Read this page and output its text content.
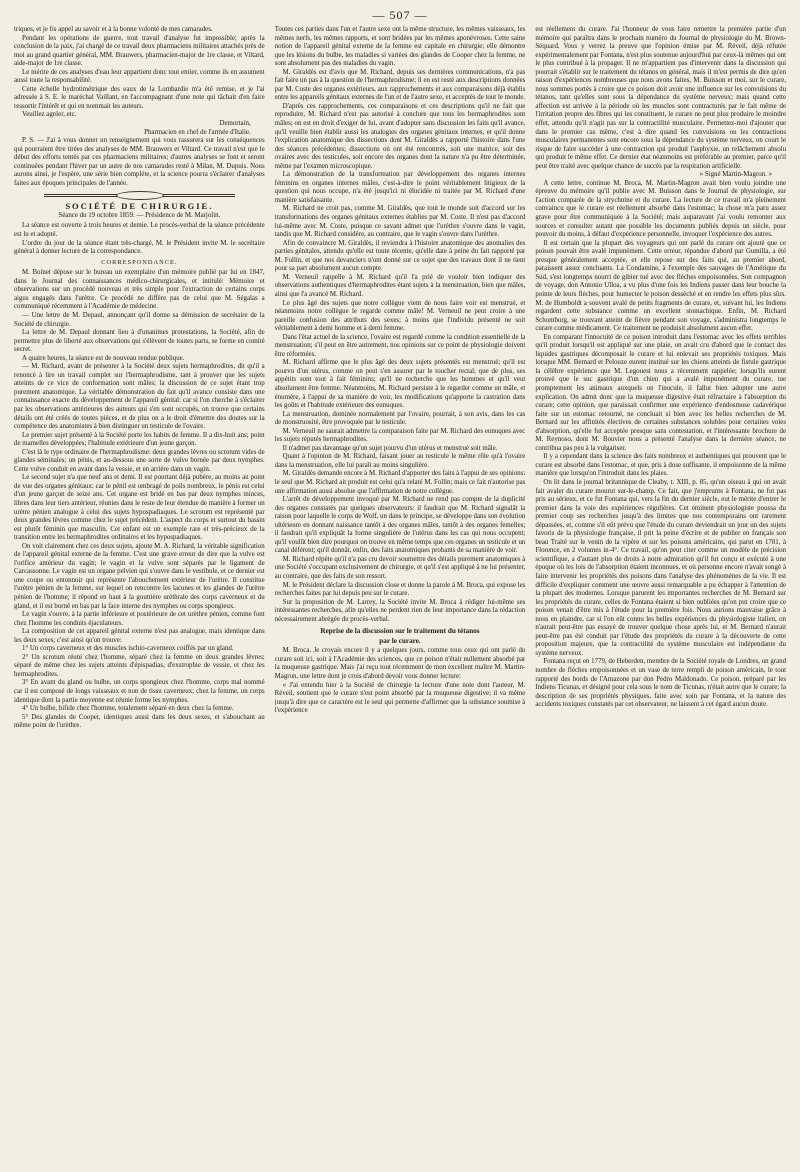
— 507 —

triques, et je fis appel au savoir et à la bonne volonté de mes camarades.

Pendant les opérations de guerre, tout travail d'analyse fut impossible; après la conclusion de la paix, j'ai chargé de ce travail deux pharmaciens militaires attachés près de moi au grand quartier général, MM. Brauwers, pharmacien-major de 1re classe, et Viltard, aide-major de 1re classe.

Le mérite de ces analyses d'eau leur appartient donc tout entier, comme ils en assument aussi toute la responsabilité.

Cette échelle hydrotimétrique des eaux de la Lombardie m'a été remise, et je l'ai adressée à S. E. le maréchal Vaillant, en l'accompagnant d'une note qui tâchait d'en faire ressortir l'intérêt et qui en nommait les auteurs.

Veuillez agréer, etc.

Demortain,

Pharmacien en chef de l'armée d'Italie.

P. S. — J'ai à vous donner un renseignement qui vous rassurera sur les conséquences qui pourraient être tirées des analyses de MM. Brauwers et Viltard. Ce travail n'est que le début des efforts tentés par ces pharmaciens militaires; d'autres analyses se font et seront continuées pendant l'hiver par un autre de nos camarades resté à Milan, M. Dupuis. Nous aurons ainsi, je l'espère, une série bien complète, et la science pourra s'éclairer d'analyses faites aux époques principales de l'année.

SOCIÉTÉ DE CHIRURGIE.
Séance du 19 octobre 1859. — Présidence de M. Marjolin.

La séance est ouverte à trois heures et demie. Le procès-verbal de la séance précédente est lu et adopté.

L'ordre du jour de la séance étant très-chargé, M. le Président invite M. le secrétaire général à donner lecture de la correspondance.

CORRESPONDANCE.

M. Boinet dépose sur le bureau un exemplaire d'un mémoire publié par lui en 1847, dans le Journal des connaissances médico-chirurgicales, et intitulé: Mémoire et observations sur un procédé nouveau et très simple pour l'extraction de certains corps aigus engagés dans l'urètre. Ce procédé ne diffère pas de celui que M. Ségalas a communiqué récemment à l'Académie de médecine.

— Une lettre de M. Depaul, annonçant qu'il donne sa démission de secrétaire de la Société de chirurgie.

La lettre de M. Depaul donnant lieu à d'unanimes protestations, la Société, afin de permettre plus de liberté aux observations qui s'élèvent de toutes parts, se forme en comité secret.

A quatre heures, la séance est de nouveau rendue publique.

— M. Richard, avant de présenter à la Société deux sujets hermaphrodites, dit qu'il a renoncé à lire un travail complet sur l'hermaphrodisme, tant à prouver que les sujets atteints de ce vice de conformation sont mâles; la discussion de ce sujet étant trop purement anatomique. La véritable démonstration du fait qu'il avance consiste dans une connaissance exacte du développement de l'appareil génital: car si l'on cherche à s'éclairer par les observations antérieures des auteurs qui s'en sont occupés, on trouve que certains détails ont été créés de toutes pièces, et de plus on a le droit d'émettre des doutes sur la compétence des anatomistes à bien distinguer un testicule de l'ovaire.

Le premier sujet présenté à la Société porte les habits de femme. Il a dix-huit ans; point de mamelles développées; l'habitude extérieure d'un jeune garçon.

C'est là le type ordinaire de l'hermaphrodisme: deux grandes lèvres ou scrotum vides de glandes séminales; un pénis, et au-dessous une sorte de vulve bornée par deux nymphes. Cette vulve conduit en avant dans la vessie, et en arrière dans un vagin.

Le second sujet n'a que neuf ans et demi. Il est pourtant déjà pubère, au moins au point de vue des organes génitaux: car le pénil est ombragé de poils nombreux, le pénis est celui d'un jeune garçon de seize ans. Cet organe est bridé en bas par deux nymphes minces, libres dans leur tiers antérieur, réunies dans le reste de leur étendue de manière à former un urètre pénien analogue à celui des sujets hypospadiaques. Le scrotum est représenté par deux grandes lèvres comme chez le sujet précédent. L'aspect du corps et surtout du bassin est plutôt féminin que masculin. Cet enfant est un exemple rare et très-précieux de la transition entre les hermaphrodites ordinaires et les hypospadiaques.

On voit clairement chez ces deux sujets, ajoute M. A. Richard, la véritable signification de l'appareil génital externe de la femme. C'est une grave erreur de dire que la vulve est l'orifice antérieur du vagin; le vagin et la vulve sont séparés par le ligament de Carcassonne. Le vagin est un organe pelvien qui s'ouvre dans le vestibule, et ce dernier est une coupe ou entonnoir qui représente l'abouchement extérieur de l'urètre. Il constitue l'urètre pénien de la femme, sur lequel on rencontre les lacunes et les glandes de l'urètre pénien de l'homme; il répond en haut à la gouttière uréthrale des corps caverneux et du gland, et il est borné en bas par la face interne des nymphes ou corps spongieux.

Le vagin s'ouvre, à la partie inférieure et postérieure de cet urèthre pénien, comme font chez l'homme les conduits éjaculateurs.

La composition de cet appareil génital externe n'est pas analogue, mais identique dans les deux sexes; c'est ainsi qu'on trouve:

1° Un corps caverneux et des muscles ischio-caverneux coiffés par un gland.

2° Un scrotum réuni chez l'homme, séparé chez la femme en deux grandes lèvres; séparé de même chez les sujets atteints d'épispadias, d'exstrophie de vessie, et chez les hermaphrodites.

3° En avant du gland ou bulbe, un corps spongieux chez l'homme, corps mal nommé car il est composé de longs vaisseaux et non de tissu caverneux; chez la femme, un corps identique dont la partie moyenne est réunie forme les nymphes.

4° Un bulbe, bifide chez l'homme, totalement séparé en deux chez la femme.

5° Des glandes de Cooper, identiques aussi dans les deux sexes, et s'abouchant au même point de l'urèthre.

Toutes ces parties dans l'un et l'autre sexe ont la même structure, les mêmes vaisseaux, les mêmes nerfs, les mêmes rapports, et sont bridées par les mêmes aponévroses. Cette saine notion de l'appareil génital externe de la femme est capitale en chirurgie; elle démontre que les lésions du bulbe, les maladies si variées des glandes de Cooper chez la femme, ne sont absolument pas des maladies du vagin.

M. Giraldès est d'avis que M. Richard, depuis ses dernières communications, n'a pas fait faire un pas à la question de l'hermaphrodisme; il en est resté aux descriptions données par M. Coste des organes extérieurs, aux rapprochements et aux comparaisons déjà établis entre les appareils génitaux externes de l'un et de l'autre sexe, et acceptés de tout le monde.

D'après ces rapprochements, ces comparaisons et ces descriptions qu'il ne fait que reproduire, M. Richard n'est pas autorisé à conclure que tous les hermaphrodites sont mâles; on est en droit d'exiger de lui, avant d'adopter sans discussion les faits qu'il avance, qu'il veuille bien établir aussi les analogies des organes génitaux internes, et qu'il donne l'explication anatomique des dissections dont M. Giraldès a rapporté l'histoire dans l'une des séances précédentes; dissections où ont été rencontrés, soit une matrice, soit des ovaires avec des testicules, soit encore des organes dont la nature n'a pu être déterminée, même par l'examen microscopique.

La démonstration de la transformation par développement des organes internes féminins en organes internes mâles, c'est-à-dire le point véritablement litigieux de la question qui nous occupe, n'a été jusqu'ici ni élucidée ni traitée par M. Richard d'une manière satisfaisante.

M. Richard ne croit pas, comme M. Giraldès, que tout le monde soit d'accord sur les transformations des organes génitaux externes établies par M. Coste. Il n'est pas d'accord lui-même avec M. Coste, puisque ce savant admet que l'urèthre s'ouvre dans le vagin, tandis que M. Richard considère, au contraire, que le vagin s'ouvre dans l'urèthre.

Afin de convaincre M. Giraldès, il reviendra à l'histoire anatomique des anomalies des parties génitales, attendu qu'elle est toute récente, qu'elle date à peine du fait rapporté par M. Follin, et que nos devanciers n'ont donné sur ce sujet que des travaux dont il ne tient pour sa part absolument aucun compte.

M. Verneuil rappelle à M. Richard qu'il l'a prié de vouloir bien indiquer des observations authentiques d'hermaphrodites étant sujets à la menstruation, bien que mâles, ainsi que l'a avancé M. Richard.

Le plus âgé des sujets que notre collègue vient de nous faire voir est menstrué, et néanmoins notre collègue le regarde comme mâle! M. Verneuil ne peut croire à une pareille confusion des attributs des sexes; à moins que l'individu présenté ne soit véritablement à demi homme et à demi femme.

Dans l'état actuel de la science, l'ovaire est regardé comme la condition essentielle de la menstruation; s'il peut en être autrement, nos opinions sur ce point de physiologie doivent être réformées.

M. Richard affirme que le plus âgé des deux sujets présentés est menstrué; qu'il est pourvu d'un utérus, comme on peut s'en assurer par le toucher rectal; que de plus, ses appétits sont tout à fait féminins; qu'il ne recherche que les hommes et qu'il veut absolument être femme. Néanmoins, M. Richard persiste à le regarder comme un mâle, et énumère, à l'appui de sa manière de voir, les modifications qu'apporte la castration dans les goûts et l'habitude extérieure des eunuques.

La menstruation, dominée normalement par l'ovaire, pourrait, à son avis, dans les cas de monstruosité, être provoquée par le testicule.

M. Verneuil ne saurait admettre la comparaison faite par M. Richard des eunuques avec les sujets réputés hermaphrodites.

Il n'admet pas davantage qu'un sujet pourvu d'un utérus et menstrué soit mâle.

Quant à l'opinion de M. Richard, faisant jouer au testicule le même rôle qu'à l'ovaire dans la menstruation, elle lui paraît au moins singulière.

M. Giraldès demande encore à M. Richard d'apporter des faits à l'appui de ses opinions: le seul que M. Richard ait produit est celui qu'a relaté M. Follin; mais ce fait n'autorise pas une affirmation aussi absolue que l'affirmation de notre collègue.

L'arrêt de développement invoqué par M. Richard ne rend pas compte de la duplicité des organes constatés par quelques observateurs: il faudrait que M. Richard signalât la raison pour laquelle le corps de Wolf, un dans le principe, se développe dans son évolution ultérieure en donnant naissance tantôt à des organes mâles, tantôt à des organes femelles; il faudrait qu'il expliquât la forme singulière de l'utérus dans les cas qui nous occupent; qu'il voulût bien dire pourquoi on trouve en même temps que ces organes un testicule et un canal déférent; qu'il donnât, enfin, des faits anatomiques probants de sa manière de voir.

M. Richard répète qu'il n'a pas cru devoir soumettre des détails purement anatomiques à une Société s'occupant exclusivement de chirurgie, et qu'il s'est appliqué à ne lui présenter, au contraire, que des faits de son ressort.

M. le Président déclare la discussion close et donne la parole à M. Broca, qui expose les recherches faites par lui depuis peu sur le curare.

Sur la proposition de M. Larrey, la Société invite M. Broca à rédiger lui-même ses intéressantes recherches, afin qu'elles ne perdent rien de leur importance dans la rédaction nécessairement abrégée du procès-verbal.

Reprise de la discussion sur le traitement du tétanos
par le curare.

M. Broca. Je croyais encore il y a quelques jours, comme tous ceux qui ont parlé du curare soit ici, soit à l'Académie des sciences, que ce poison n'était nullement absorbé par la muqueuse gastrique. Mais j'ai reçu tout récemment de mon excellent maître M. Martin-Magron, une lettre dont je crois d'abord devoir vous donner lecture:

« J'ai entendu hier à la Société de chirurgie la lecture d'une note dont l'auteur, M. Réveil, soutient que le curare n'est point absorbé par la muqueuse digestive; il va même jusqu'à dire que ce caractère est le seul qui permette d'affirmer que la substance soumise à l'expérience

est réellement du curare. J'ai l'honneur de vous faire remettre la première partie d'un mémoire qui paraîtra dans le prochain numéro du Journal de physiologie du M. Brown-Séquard. Vous y verrez la preuve que l'opinion émise par M. Réveil, déjà réfutée expérimentalement par Fontana, n'est plus soutenue aujourd'hui par ceux-là mêmes qui ont le plus contribué à la propager. Il ne m'appartient pas d'intervenir dans la discussion qui pourrait s'établir sur le traitement du tétanos en général, mais il m'est permis de dire qu'en raison d'expériences nombreuses que nous avons faites, M. Buisson et moi, sur le curare, nous sommes portés à croire que ce poison doit avoir une influence sur les convulsions du tétanos, tant qu'elles sont sous la dépendance du système nerveux; mais quand cette affection est arrivée à la période où les muscles sont contracturés par le fait même de l'irritation propre des fibres qui les constituent, le curare ne peut plus produire le moindre effet, attendu qu'il n'agit pas sur la contractilité musculaire. Permettez-moi d'ajouter que dans le premier cas même, c'est à dire quand les convulsions ou les contractions musculaires permanentes sont encore sous la dépendance du système nerveux, on court le risque de faire succéder à une contraction qui produit l'asphyxie, un relâchement absolu qui produit le même effet. Ce dernier état néanmoins est préférable au premier, parce qu'il peut être traité avec quelque chance de succès par la respiration artificielle.

» Signé Martin-Magron. »

A cette lettre, continue M. Broca, M. Martin-Magron avait bien voulu joindre une épreuve du mémoire qu'il publie avec M. Buisson dans le Journal de physiologie, sur l'action comparée de la strychnine et du curare. La lecture de ce travail m'a pleinement convaincu que le curare est réellement absorbé dans l'estomac; la chose m'a paru assez grave pour être communiquée à la Société; mais auparavant j'ai voulu remonter aux sources et consulter autant que possible les documents publiés depuis un siècle, pour pouvoir du moins, à défaut d'expérience personnelle, invoquer l'expérience des autres.

Il est certain que la plupart des voyageurs qui ont parlé du curare ont ajouté que ce poison pouvait être avalé impunément. Cette erreur, répandue d'abord par Gumilla, a été presque généralement acceptée, et elle repose sur des faits qui, au premier abord, paraissent assez concluants. La Condamine, à l'exemple des sauvages de l'Amérique du Sud, s'est longtemps nourri de gibier tué avec des flèches empoisonnées. Son compagnon de voyage, don Antonio Ulloa, a vu plus d'une fois les Indiens passer dans leur bouche la pointe de leurs flèches, pour humecter le poison desséché et en rendre les effets plus sûrs. M. de Humboldt a souvent avalé de petits fragments de curare, et, suivant lui, les Indiens regardent cette substance comme un excellent stomachique. Enfin, M. Richard Schomburg, se trouvant atteint de fièvre pendant son voyage, s'administra longtemps le curare comme médicament. Ce traitement ne produisit absolument aucun effet.

En comparant l'innocuité de ce poison introduit dans l'estomac avec les effets terribles qu'il produit lorsqu'il est appliqué sur une plaie, on avait cru d'abord que le contact des liquides gastriques décomposait le curare et lui enlevait ses propriétés toxiques. Mais lorsque MM. Bernard et Pelouze eurent institué sur les chiens atteints de fistule gastrique la célèbre expérience que M. Legouest nous a récemment rappelée; lorsqu'ils eurent prouvé que le suc gastrique d'un chien qui a avalé impunément du curare, tue promptement les animaux auxquels on l'inocule, il fallut bien adopter une autre explication. On admit donc que la muqueuse digestive était réfractaire à l'absorption du curare; cette opinion, que paraissait confirmer une expérience d'endosmose cadavérique faite sur un estomac retourné, ne concluait si bien avec les belles recherches de M. Bernard sur les affinités électives de certaines substances solubles pour certaines voies d'absorption, qu'elle fut acceptée presque sans contestation, et l'intéressante brochure de M. Reynoso, dont M. Bouvier nous a présenté l'analyse dans la dernière séance, ne contribua pas peu à la vulgariser.

Il y a cependant dans la science des faits nombreux et authentiques qui prouvent que le curare est absorbé dans l'estomac, et que, pris à dose suffisante, il empoisonne de la même manière que lorsqu'on l'introduit dans les plaies.

On lit dans le journal britannique de Cleaby, t. XIII, p. 85, qu'un oiseau à qui on avait fait avaler du curare mourut sur-le-champ. Ce fait, que j'emprunte à Fontana, ne fut pas pris au sérieux, et ce fut Fontana qui, vers la fin du dernier siècle, eut le mérite d'entrer le premier dans la voie des expériences régulières. Cet éminent physiologiste poussa du premier coup ses recherches jusqu'à des limites que nos contemporains ont rarement dépassées, et, comme s'il eût prévu que l'étude du curare deviendrait un jour un des sujets favoris de la physiologie française, il prit la peine d'écrire et de publier en français son beau Traité sur le venin de la vipère et sur les poisons américains, qui parut en 1781, à Florence, en 2 volumes in-4°. Ce travail, qu'on peut citer comme un modèle de précision scientifique, a d'autant plus de droits à notre admiration qu'il fut conçu et exécuté à une époque où les lois de l'absorption étaient inconnues, et où personne encore n'avait songé à faire intervenir les propriétés des poisons dans l'analyse des phénomènes de la vie. Il est difficile d'expliquer comment une œuvre aussi remarquable a pu échapper à l'attention de la plupart des modernes. Lorsque parurent les importantes recherches de M. Bernard sur les propriétés du curare, celles de Fontana étaient si bien oubliées qu'on put croire que ce poison venait d'être mis à l'étude pour la première fois. Nous aurions mauvaise grâce à nous en plaindre, car si l'on eût connu les belles expériences du physiologiste italien, on n'aurait peut-être pas essayé de trouver quelque chose après lui, et M. Bernard n'aurait peut-être pas été conduit par l'étude des propriétés du curare à la découverte de cette proposition majeure, que la contractilité du système musculaire est indépendante du système nerveux.

Fontana reçut en 1779, de Heberden, membre de la Société royale de Londres, un grand nombre de flèches empoisonnées et un vase de terre rempli de poison américain, le tout rapporté des bords de l'Amazone par don Pedro Maldonado. Ce poison, préparé par les Indiens Ticunas, et désigné pour cela sous le nom de Ticunas, n'était autre que le curare; la description de ses propriétés physiques, faite avec soin par Fontana, et la nature des accidents toxiques constatés par cet observateur, ne laissent à cet égard aucun doute.
